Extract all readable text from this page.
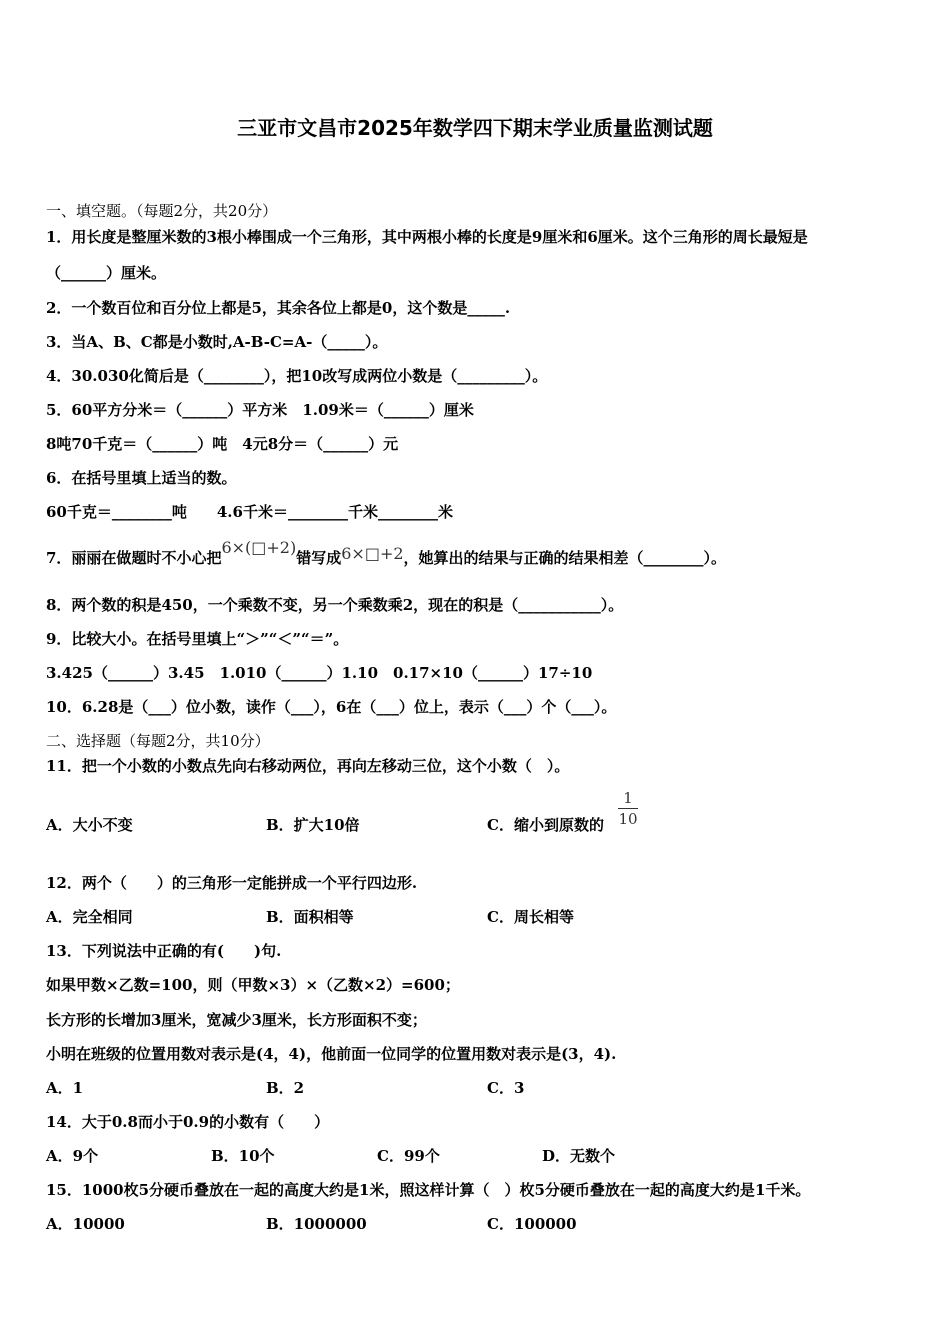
三亚市文昌市2025年数学四下期末学业质量监测试题
一、填空题。（每题2分，共20分）
1．用长度是整厘米数的3根小棒围成一个三角形，其中两根小棒的长度是9厘米和6厘米。这个三角形的周长最短是
（______）厘米。
2．一个数百位和百分位上都是5，其余各位上都是0，这个数是_____.
3．当A、B、C都是小数时,A-B-C=A-（_____）。
4．30.030化简后是（________），把10改写成两位小数是（_________）。
5．60平方分米＝（______）平方米　1.09米＝（______）厘米
8吨70千克＝（______）吨　4元8分＝（______）元
6．在括号里填上适当的数。
60千克＝________吨　　4.6千米＝________千米________米
7．丽丽在做题时不小心把6×(□+2)错写成6×□+2，她算出的结果与正确的结果相差（________）。
8．两个数的积是450，一个乘数不变，另一个乘数乘2，现在的积是（___________）。
9．比较大小。在括号里填上“＞”“＜”“＝”。
3.425（______）3.45　1.010（______）1.10　0.17×10（______）17÷10
10．6.28是（___）位小数，读作（___），6在（___）位上，表示（___）个（___）。
二、选择题（每题2分，共10分）
11．把一个小数的小数点先向右移动两位，再向左移动三位，这个小数（　）。
A．大小不变	B．扩大10倍	C．缩小到原数的
1
10
12．两个（　　）的三角形一定能拼成一个平行四边形.
A．完全相同	B．面积相等	C．周长相等
13．下列说法中正确的有(　　)句.
如果甲数×乙数=100，则（甲数×3）×（乙数×2）=600；
长方形的长增加3厘米，宽减少3厘米，长方形面积不变；
小明在班级的位置用数对表示是(4，4)，他前面一位同学的位置用数对表示是(3，4).
A．1	B．2	C．3
14．大于0.8而小于0.9的小数有（　　）
A．9个	B．10个	C．99个	D．无数个
15．1000枚5分硬币叠放在一起的高度大约是1米，照这样计算（　）枚5分硬币叠放在一起的高度大约是1千米。
A．10000	B．1000000	C．100000
